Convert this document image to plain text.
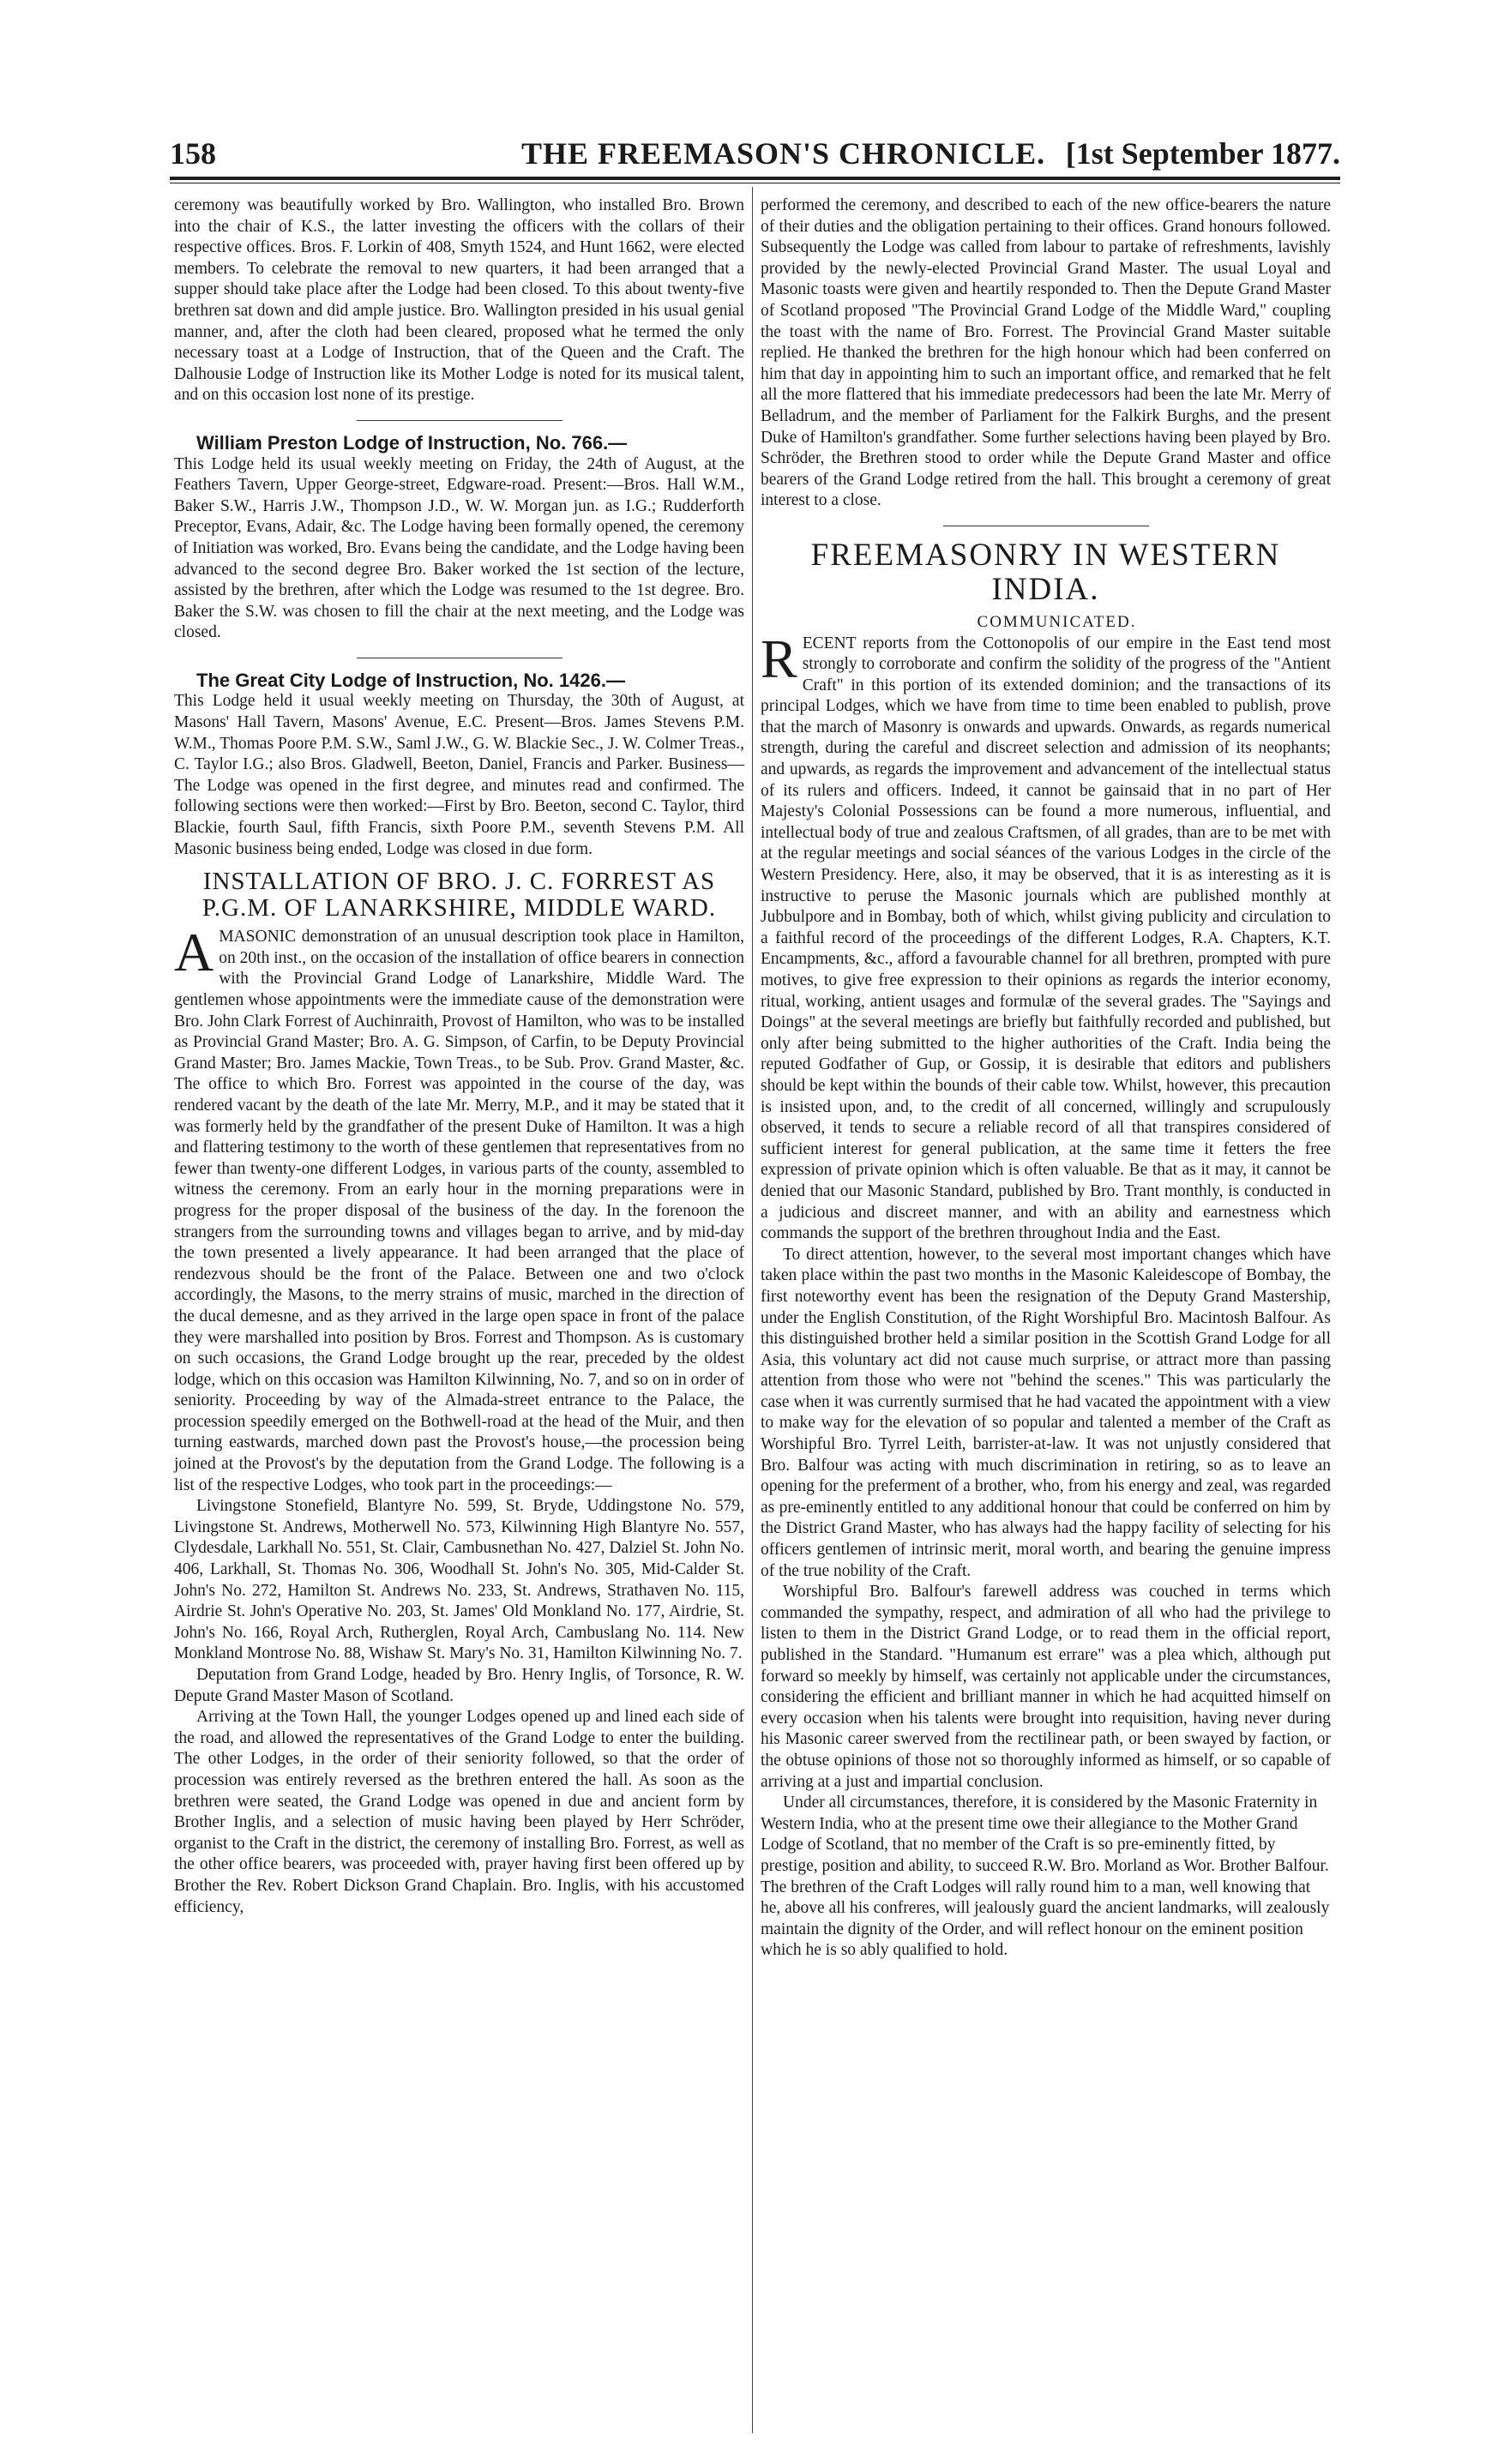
158	THE FREEMASON'S CHRONICLE. [1st September 1877.

ceremony was beautifully worked by Bro. Wallington, who installed Bro. Brown into the chair of K.S., the latter investing the officers with the collars of their respective offices. Bros. F. Lorkin of 408, Smyth 1524, and Hunt 1662, were elected members. To celebrate the removal to new quarters, it had been arranged that a supper should take place after the Lodge had been closed. To this about twenty-five brethren sat down and did ample justice. Bro. Wallington presided in his usual genial manner, and, after the cloth had been cleared, proposed what he termed the only necessary toast at a Lodge of Instruction, that of the Queen and the Craft. The Dalhousie Lodge of Instruction like its Mother Lodge is noted for its musical talent, and on this occasion lost none of its prestige.

William Preston Lodge of Instruction, No. 766.—

This Lodge held its usual weekly meeting on Friday, the 24th of August, at the Feathers Tavern, Upper George-street, Edgware-road. Present:—Bros. Hall W.M., Baker S.W., Harris J.W., Thompson J.D., W. W. Morgan jun. as I.G.; Rudderforth Preceptor, Evans, Adair, &c. The Lodge having been formally opened, the ceremony of Initiation was worked, Bro. Evans being the candidate, and the Lodge having been advanced to the second degree Bro. Baker worked the 1st section of the lecture, assisted by the brethren, after which the Lodge was resumed to the 1st degree. Bro. Baker the S.W. was chosen to fill the chair at the next meeting, and the Lodge was closed.

The Great City Lodge of Instruction, No. 1426.—

This Lodge held it usual weekly meeting on Thursday, the 30th of August, at Masons' Hall Tavern, Masons' Avenue, E.C. Present—Bros. James Stevens P.M. W.M., Thomas Poore P.M. S.W., Saml J.W., G. W. Blackie Sec., J. W. Colmer Treas., C. Taylor I.G.; also Bros. Gladwell, Beeton, Daniel, Francis and Parker. Business—The Lodge was opened in the first degree, and minutes read and confirmed. The following sections were then worked:—First by Bro. Beeton, second C. Taylor, third Blackie, fourth Saul, fifth Francis, sixth Poore P.M., seventh Stevens P.M. All Masonic business being ended, Lodge was closed in due form.

INSTALLATION OF BRO. J. C. FORREST AS P.G.M. OF LANARKSHIRE, MIDDLE WARD.

AMASONIC demonstration of an unusual description took place in Hamilton, on 20th inst., on the occasion of the installation of office bearers in connection with the Provincial Grand Lodge of Lanarkshire, Middle Ward. The gentlemen whose appointments were the immediate cause of the demonstration were Bro. John Clark Forrest of Auchinraith, Provost of Hamilton, who was to be installed as Provincial Grand Master; Bro. A. G. Simpson, of Carfin, to be Deputy Provincial Grand Master; Bro. James Mackie, Town Treas., to be Sub. Prov. Grand Master, &c. The office to which Bro. Forrest was appointed in the course of the day, was rendered vacant by the death of the late Mr. Merry, M.P., and it may be stated that it was formerly held by the grandfather of the present Duke of Hamilton. It was a high and flattering testimony to the worth of these gentlemen that representatives from no fewer than twenty-one different Lodges, in various parts of the county, assembled to witness the ceremony. From an early hour in the morning preparations were in progress for the proper disposal of the business of the day. In the forenoon the strangers from the surrounding towns and villages began to arrive, and by mid-day the town presented a lively appearance. It had been arranged that the place of rendezvous should be the front of the Palace. Between one and two o'clock accordingly, the Masons, to the merry strains of music, marched in the direction of the ducal demesne, and as they arrived in the large open space in front of the palace they were marshalled into position by Bros. Forrest and Thompson. As is customary on such occasions, the Grand Lodge brought up the rear, preceded by the oldest lodge, which on this occasion was Hamilton Kilwinning, No. 7, and so on in order of seniority. Proceeding by way of the Almada-street entrance to the Palace, the procession speedily emerged on the Bothwell-road at the head of the Muir, and then turning eastwards, marched down past the Provost's house,—the procession being joined at the Provost's by the deputation from the Grand Lodge. The following is a list of the respective Lodges, who took part in the proceedings:—

Livingstone Stonefield, Blantyre No. 599, St. Bryde, Uddingstone No. 579, Livingstone St. Andrews, Motherwell No. 573, Kilwinning High Blantyre No. 557, Clydesdale, Larkhall No. 551, St. Clair, Cambusnethan No. 427, Dalziel St. John No. 406, Larkhall, St. Thomas No. 306, Woodhall St. John's No. 305, Mid-Calder St. John's No. 272, Hamilton St. Andrews No. 233, St. Andrews, Strathaven No. 115, Airdrie St. John's Operative No. 203, St. James' Old Monkland No. 177, Airdrie, St. John's No. 166, Royal Arch, Rutherglen, Royal Arch, Cambuslang No. 114. New Monkland Montrose No. 88, Wishaw St. Mary's No. 31, Hamilton Kilwinning No. 7.

Deputation from Grand Lodge, headed by Bro. Henry Inglis, of Torsonce, R. W. Depute Grand Master Mason of Scotland.

Arriving at the Town Hall, the younger Lodges opened up and lined each side of the road, and allowed the representatives of the Grand Lodge to enter the building. The other Lodges, in the order of their seniority followed, so that the order of procession was entirely reversed as the brethren entered the hall. As soon as the brethren were seated, the Grand Lodge was opened in due and ancient form by Brother Inglis, and a selection of music having been played by Herr Schröder, organist to the Craft in the district, the ceremony of installing Bro. Forrest, as well as the other office bearers, was proceeded with, prayer having first been offered up by Brother the Rev. Robert Dickson Grand Chaplain. Bro. Inglis, with his accustomed efficiency,

performed the ceremony, and described to each of the new office-bearers the nature of their duties and the obligation pertaining to their offices. Grand honours followed. Subsequently the Lodge was called from labour to partake of refreshments, lavishly provided by the newly-elected Provincial Grand Master. The usual Loyal and Masonic toasts were given and heartily responded to. Then the Depute Grand Master of Scotland proposed "The Provincial Grand Lodge of the Middle Ward," coupling the toast with the name of Bro. Forrest. The Provincial Grand Master suitable replied. He thanked the brethren for the high honour which had been conferred on him that day in appointing him to such an important office, and remarked that he felt all the more flattered that his immediate predecessors had been the late Mr. Merry of Belladrum, and the member of Parliament for the Falkirk Burghs, and the present Duke of Hamilton's grandfather. Some further selections having been played by Bro. Schröder, the Brethren stood to order while the Depute Grand Master and office bearers of the Grand Lodge retired from the hall. This brought a ceremony of great interest to a close.

FREEMASONRY IN WESTERN INDIA.

COMMUNICATED.

RECENT reports from the Cottonopolis of our empire in the East tend most strongly to corroborate and confirm the solidity of the progress of the "Antient Craft" in this portion of its extended dominion; and the transactions of its principal Lodges, which we have from time to time been enabled to publish, prove that the march of Masonry is onwards and upwards. Onwards, as regards numerical strength, during the careful and discreet selection and admission of its neophants; and upwards, as regards the improvement and advancement of the intellectual status of its rulers and officers. Indeed, it cannot be gainsaid that in no part of Her Majesty's Colonial Possessions can be found a more numerous, influential, and intellectual body of true and zealous Craftsmen, of all grades, than are to be met with at the regular meetings and social séances of the various Lodges in the circle of the Western Presidency. Here, also, it may be observed, that it is as interesting as it is instructive to peruse the Masonic journals which are published monthly at Jubbulpore and in Bombay, both of which, whilst giving publicity and circulation to a faithful record of the proceedings of the different Lodges, R.A. Chapters, K.T. Encampments, &c., afford a favourable channel for all brethren, prompted with pure motives, to give free expression to their opinions as regards the interior economy, ritual, working, antient usages and formulæ of the several grades. The "Sayings and Doings" at the several meetings are briefly but faithfully recorded and published, but only after being submitted to the higher authorities of the Craft. India being the reputed Godfather of Gup, or Gossip, it is desirable that editors and publishers should be kept within the bounds of their cable tow. Whilst, however, this precaution is insisted upon, and, to the credit of all concerned, willingly and scrupulously observed, it tends to secure a reliable record of all that transpires considered of sufficient interest for general publication, at the same time it fetters the free expression of private opinion which is often valuable. Be that as it may, it cannot be denied that our Masonic Standard, published by Bro. Trant monthly, is conducted in a judicious and discreet manner, and with an ability and earnestness which commands the support of the brethren throughout India and the East.

To direct attention, however, to the several most important changes which have taken place within the past two months in the Masonic Kaleidescope of Bombay, the first noteworthy event has been the resignation of the Deputy Grand Mastership, under the English Constitution, of the Right Worshipful Bro. Macintosh Balfour. As this distinguished brother held a similar position in the Scottish Grand Lodge for all Asia, this voluntary act did not cause much surprise, or attract more than passing attention from those who were not "behind the scenes." This was particularly the case when it was currently surmised that he had vacated the appointment with a view to make way for the elevation of so popular and talented a member of the Craft as Worshipful Bro. Tyrrel Leith, barrister-at-law. It was not unjustly considered that Bro. Balfour was acting with much discrimination in retiring, so as to leave an opening for the preferment of a brother, who, from his energy and zeal, was regarded as pre-eminently entitled to any additional honour that could be conferred on him by the District Grand Master, who has always had the happy facility of selecting for his officers gentlemen of intrinsic merit, moral worth, and bearing the genuine impress of the true nobility of the Craft.

Worshipful Bro. Balfour's farewell address was couched in terms which commanded the sympathy, respect, and admiration of all who had the privilege to listen to them in the District Grand Lodge, or to read them in the official report, published in the Standard. "Humanum est errare" was a plea which, although put forward so meekly by himself, was certainly not applicable under the circumstances, considering the efficient and brilliant manner in which he had acquitted himself on every occasion when his talents were brought into requisition, having never during his Masonic career swerved from the rectilinear path, or been swayed by faction, or the obtuse opinions of those not so thoroughly informed as himself, or so capable of arriving at a just and impartial conclusion.

Under all circumstances, therefore, it is considered by the Masonic Fraternity in Western India, who at the present time owe their allegiance to the Mother Grand Lodge of Scotland, that no member of the Craft is so pre-eminently fitted, by prestige, position and ability, to succeed R.W. Bro. Morland as Wor. Brother Balfour. The brethren of the Craft Lodges will rally round him to a man, well knowing that he, above all his confreres, will jealously guard the ancient landmarks, will zealously maintain the dignity of the Order, and will reflect honour on the eminent position which he is so ably qualified to hold.
